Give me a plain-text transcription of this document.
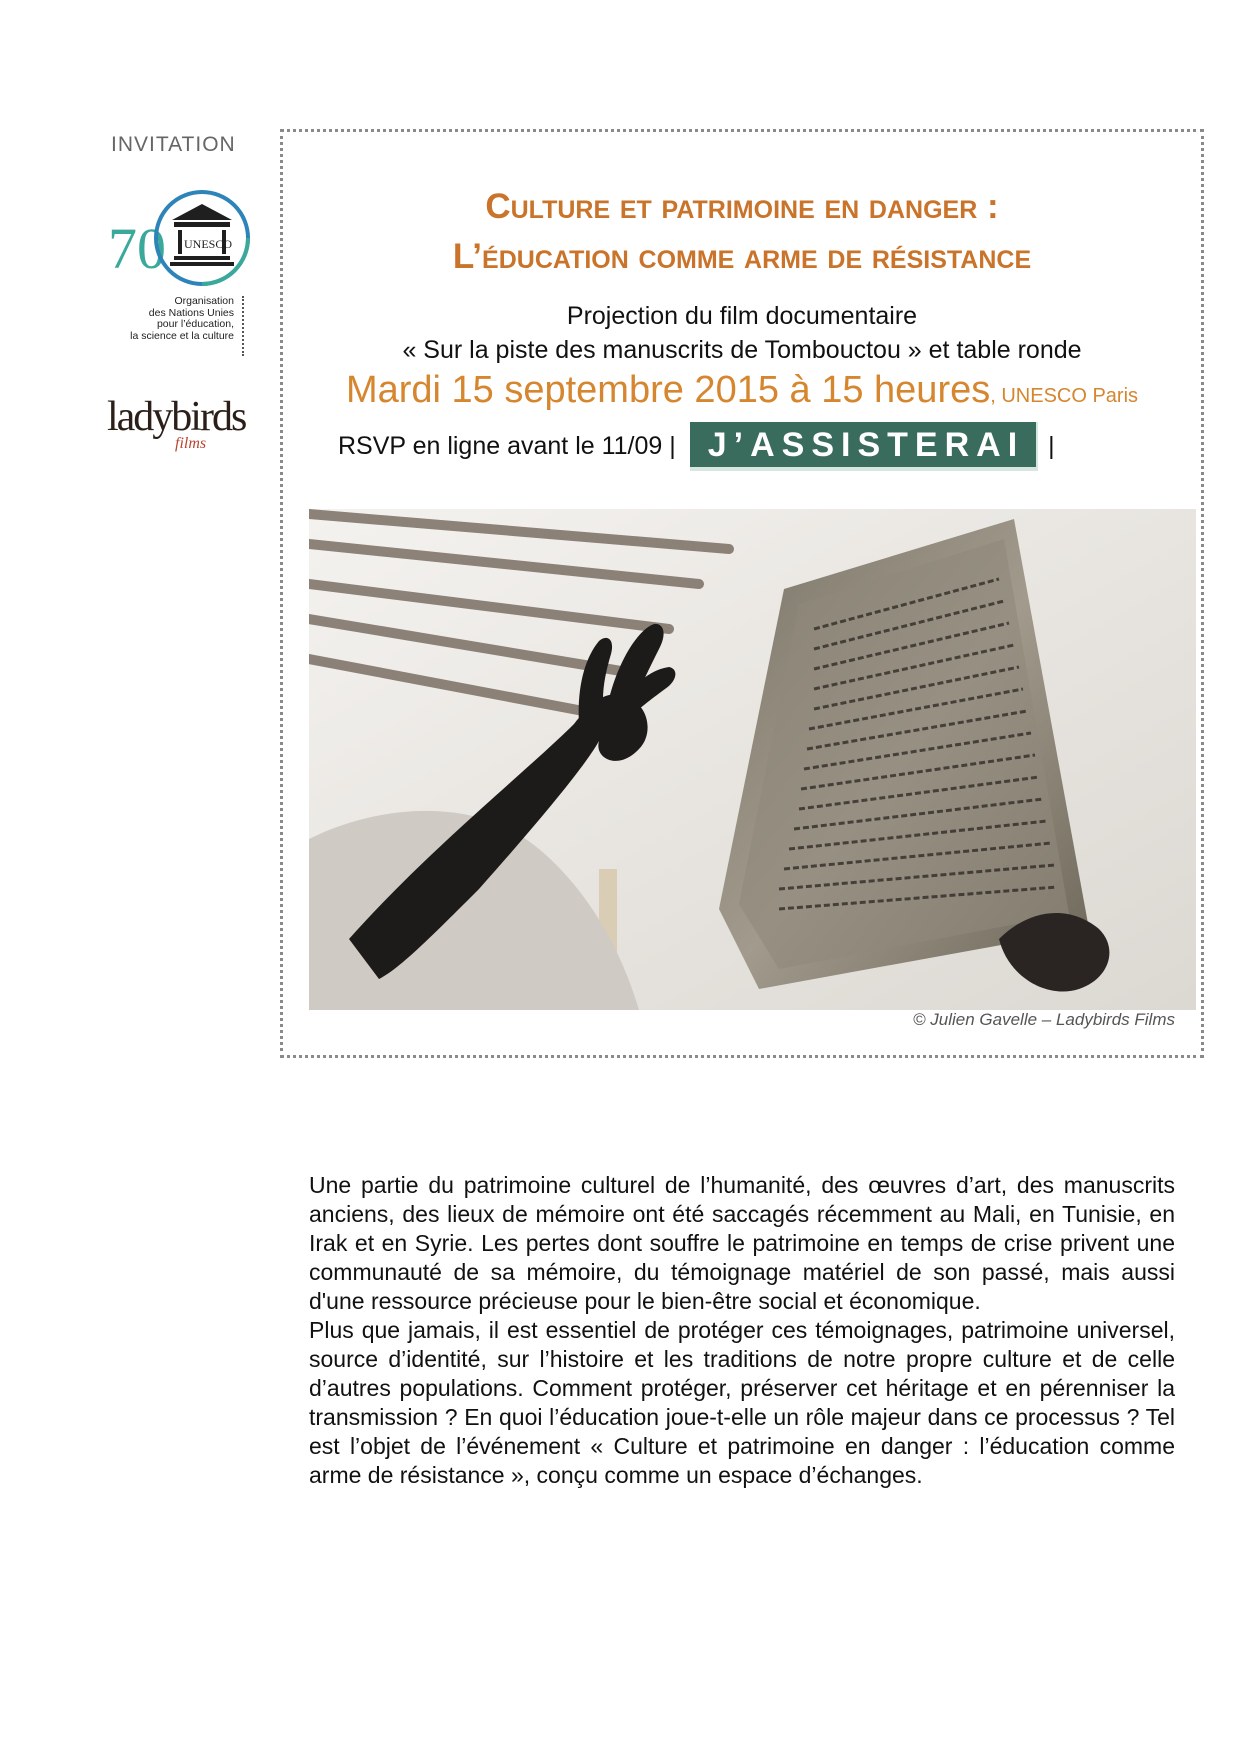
INVITATION
70 UNESCO
Organisation
des Nations Unies
pour l’éducation,
la science et la culture
ladybirds
films
Culture et patrimoine en danger :
L’éducation comme arme de résistance
Projection du film documentaire
« Sur la piste des manuscrits de Tombouctou » et table ronde
Mardi 15 septembre 2015 à 15 heures, UNESCO Paris
RSVP en ligne avant le 11/09 | J’ASSISTERAI |
© Julien Gavelle – Ladybirds Films

Une partie du patrimoine culturel de l’humanité, des œuvres d’art, des manuscrits anciens, des lieux de mémoire ont été saccagés récemment au Mali, en Tunisie, en Irak et en Syrie. Les pertes dont souffre le patrimoine en temps de crise privent une communauté de sa mémoire, du témoignage matériel de son passé, mais aussi d'une ressource précieuse pour le bien-être social et économique.

Plus que jamais, il est essentiel de protéger ces témoignages, patrimoine universel, source d’identité, sur l’histoire et les traditions de notre propre culture et de celle d’autres populations. Comment protéger, préserver cet héritage et en pérenniser la transmission ? En quoi l’éducation joue-t-elle un rôle majeur dans ce processus ? Tel est l’objet de l’événement « Culture et patrimoine en danger : l’éducation comme arme de résistance », conçu comme un espace d’échanges.
